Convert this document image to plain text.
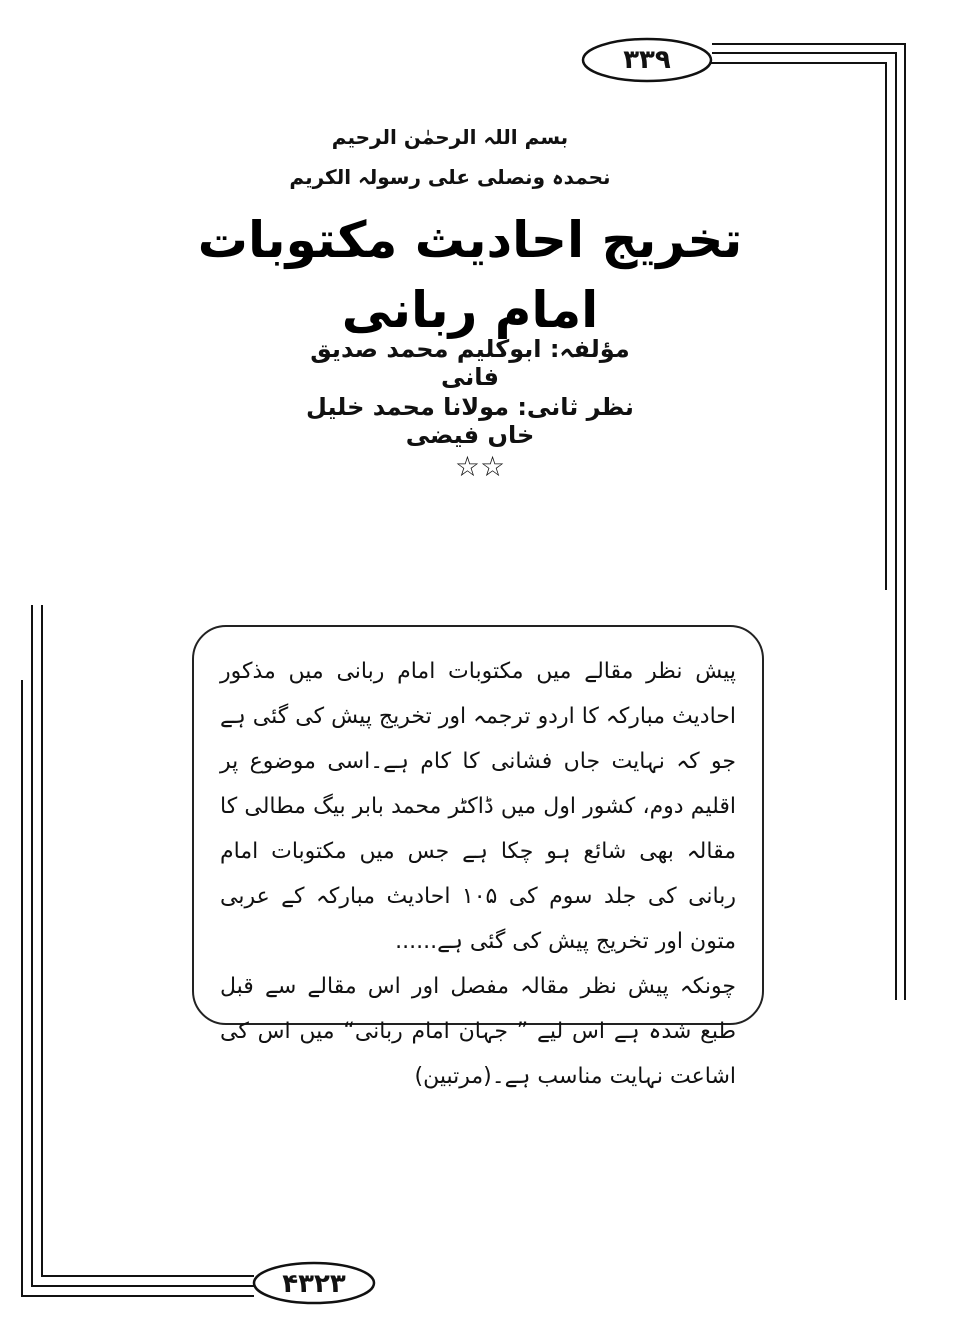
۳۳۹
۴۳۲۳
بسم اللہ الرحمٰن الرحیم
نحمدہ ونصلی علی رسولہ الکریم
تخریج احادیث مکتوبات امام ربانی
مؤلفہ: ابوکلیم محمد صدیق فانی
نظر ثانی: مولانا محمد خلیل خاں فیضی
☆☆

پیش نظر مقالے میں مکتوبات امام ربانی میں مذکور احادیث مبارکہ کا اردو ترجمہ اور تخریج پیش کی گئی ہے جو کہ نہایت جاں فشانی کا کام ہے۔اسی موضوع پر اقلیم دوم، کشور اول میں ڈاکٹر محمد بابر بیگ مطالی کا مقالہ بھی شائع ہو چکا ہے جس میں مکتوبات امام ربانی کی جلد سوم کی ۱۰۵ احادیث مبارکہ کے عربی متون اور تخریج پیش کی گئی ہے......

چونکہ پیش نظر مقالہ مفصل اور اس مقالے سے قبل طبع شدہ ہے اس لیے ” جہان امام ربانی“ میں اس کی اشاعت نہایت مناسب ہے۔(مرتبین)
